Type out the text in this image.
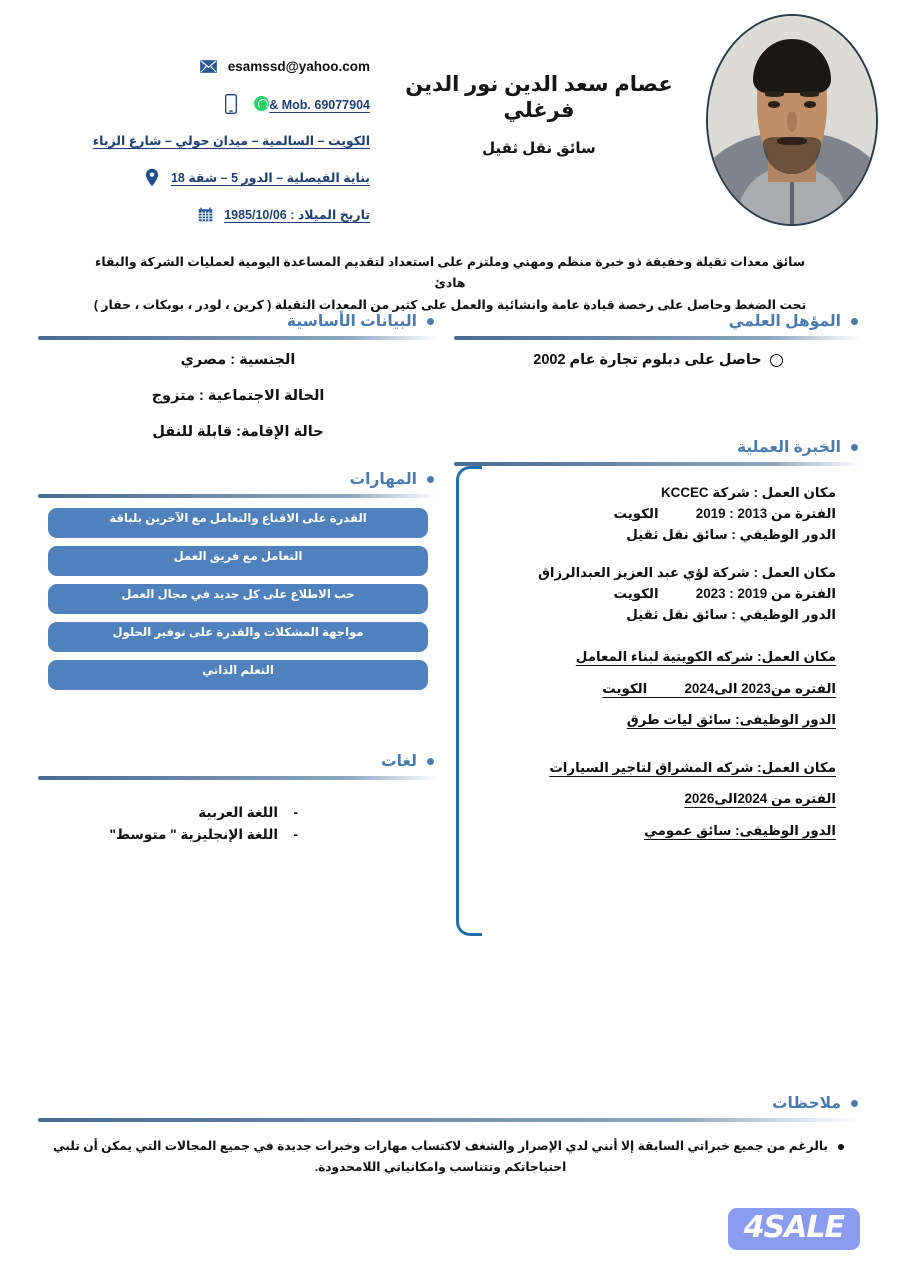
عصام سعد الدين نور الدين فرغلي
سائق نقل ثقيل
esamssd@yahoo.com
& Mob. 69077904
الكويت – السالمية – ميدان حولي – شارع الزباء
بناية الفيصلية – الدور 5 – شقة 18
تاريخ الميلاد : 1985/10/06
سائق معدات ثقيلة وخفيفة ذو خبرة منظم ومهني وملتزم على استعداد لتقديم المساعدة اليومية لعمليات الشركة والبقاء هادئ
تحت الضغط وحاصل على رخصة قيادة عامة وانشائية والعمل على كثير من المعدات الثقيلة ( كرين ، لودر ، بوبكات ، حفار )
المؤهل العلمي
حاصل على دبلوم تجارة عام 2002
الخبرة العملية
مكان العمل : شركة KCCEC
الفترة من 2013 : 2019          الكويت
الدور الوظيفي : سائق نقل ثقيل
مكان العمل : شركة لؤي عبد العزيز العبدالرزاق
الفترة من 2019 : 2023          الكويت
الدور الوظيفي : سائق نقل ثقيل
مكان العمل: شركه الكويتية لبناء المعامل
الفتره من2023 الى2024          الكويت
الدور الوظيفى: سائق ليات طرق
مكان العمل: شركه المشراق لتاجير السيارات
الفتره من 2024الى2026
الدور الوظيفى: سائق عمومي
البيانات الأساسية
الجنسية : مصري
الحالة الاجتماعية : متزوج
حالة الإقامة: قابلة للنقل
المهارات
القدرة على الاقناع والتعامل مع الآخرين بلباقة
التعامل مع فريق العمل
حب الاطلاع على كل جديد في مجال العمل
مواجهة المشكلات والقدرة على توفير الحلول
التعلم الذاتي
لغات
-
اللغة العربية
-
اللغة الإنجليزية " متوسط"
ملاحظات
بالرغم من جميع خبراتي السابقة إلا أنني لدي الإصرار والشغف لاكتساب مهارات وخبرات جديدة في جميع المجالات التي يمكن أن تلبي
احتياجاتكم وتتناسب وامكانياتي اللامحدودة.
4SALE
